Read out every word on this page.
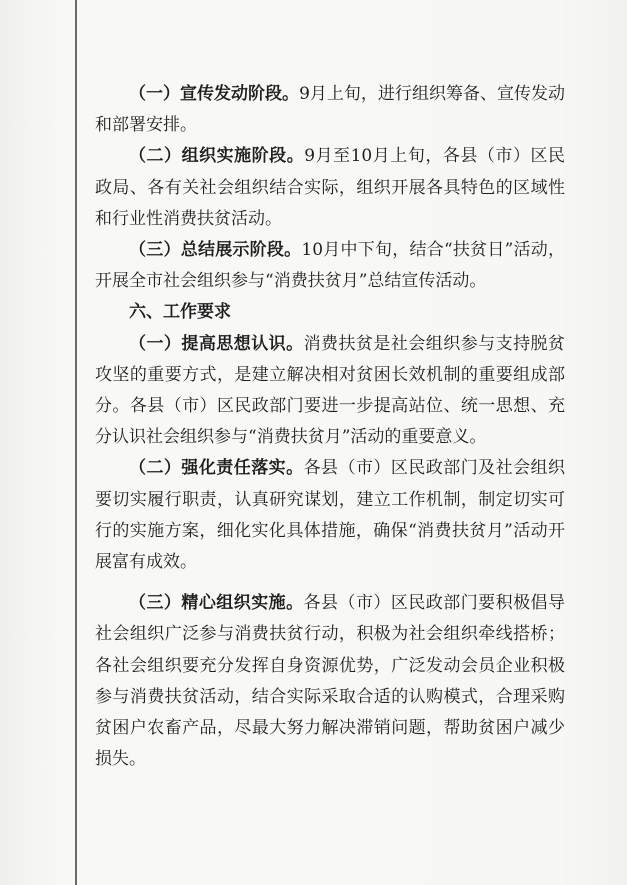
（一）宣传发动阶段。9月上旬，进行组织筹备、宣传发动和部署安排。

（二）组织实施阶段。9月至10月上旬，各县（市）区民政局、各有关社会组织结合实际，组织开展各具特色的区域性和行业性消费扶贫活动。

（三）总结展示阶段。10月中下旬，结合“扶贫日”活动，开展全市社会组织参与“消费扶贫月”总结宣传活动。

六、工作要求

（一）提高思想认识。消费扶贫是社会组织参与支持脱贫攻坚的重要方式，是建立解决相对贫困长效机制的重要组成部分。各县（市）区民政部门要进一步提高站位、统一思想、充分认识社会组织参与“消费扶贫月”活动的重要意义。

（二）强化责任落实。各县（市）区民政部门及社会组织要切实履行职责，认真研究谋划，建立工作机制，制定切实可行的实施方案，细化实化具体措施，确保“消费扶贫月”活动开展富有成效。

（三）精心组织实施。各县（市）区民政部门要积极倡导社会组织广泛参与消费扶贫行动，积极为社会组织牵线搭桥；各社会组织要充分发挥自身资源优势，广泛发动会员企业积极参与消费扶贫活动，结合实际采取合适的认购模式，合理采购贫困户农畜产品，尽最大努力解决滞销问题，帮助贫困户减少损失。
